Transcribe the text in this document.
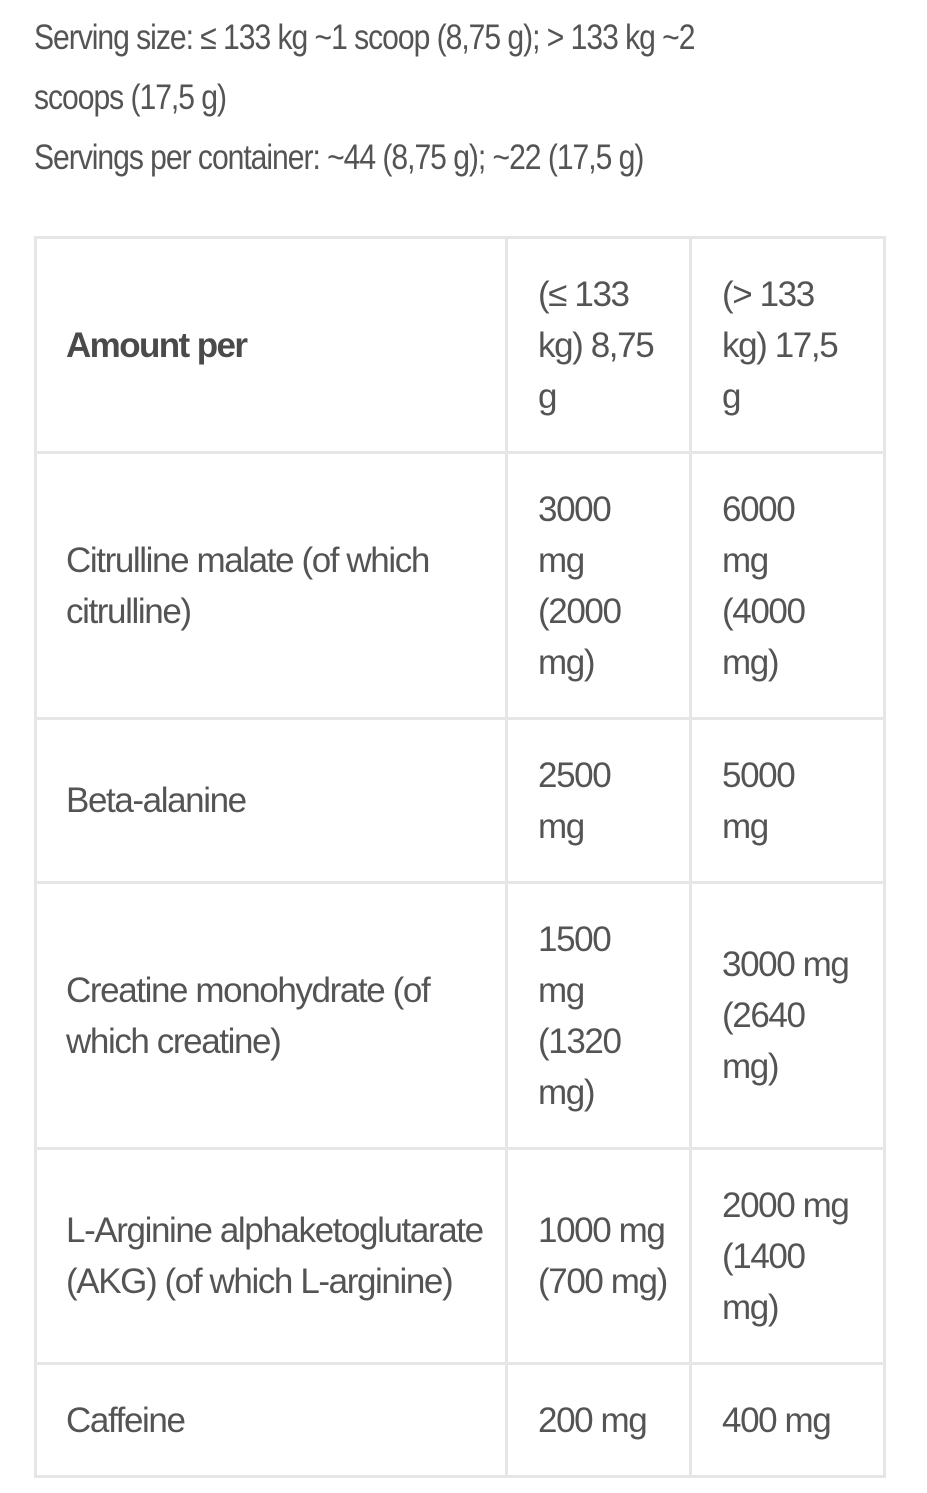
Serving size: ≤ 133 kg ~1 scoop (8,75 g); > 133 kg ~2 scoops (17,5 g)

Servings per container: ~44 (8,75 g); ~22 (17,5 g)

Amount per	(≤ 133 kg) 8,75 g	(> 133 kg) 17,5 g
Citrulline malate (of which citrulline)	3000 mg (2000 mg)	6000 mg (4000 mg)
Beta-alanine	2500 mg	5000 mg
Creatine monohydrate (of which creatine)	1500 mg (1320 mg)	3000 mg (2640 mg)
L-Arginine alphaketoglutarate (AKG) (of which L-arginine)	1000 mg (700 mg)	2000 mg (1400 mg)
Caffeine	200 mg	400 mg
